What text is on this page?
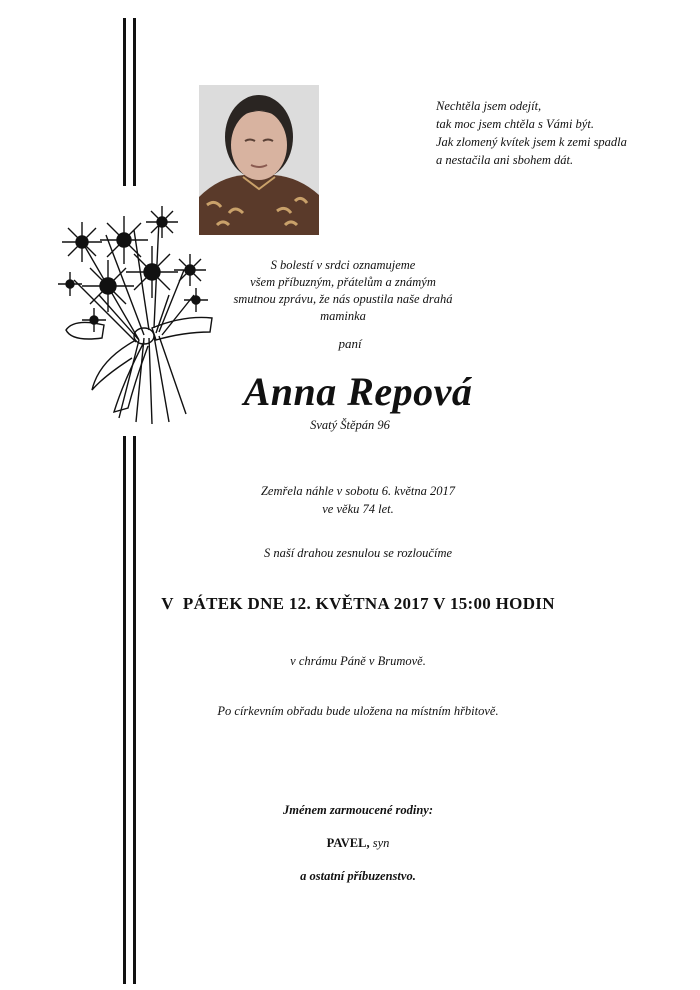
Nechtěla jsem odejít,
tak moc jsem chtěla s Vámi být.
Jak zlomený kvítek jsem k zemi spadla
a nestačila ani sbohem dát.
S bolestí v srdci oznamujeme
všem příbuzným, přátelům a známým
smutnou zprávu, že nás opustila naše drahá
maminka
paní
Anna Repová
Svatý Štěpán 96
Zemřela náhle v sobotu 6. května 2017
ve věku 74 let.
S naší drahou zesnulou se rozloučíme
V PÁTEK DNE 12. KVĚTNA 2017 V 15:00 HODIN
v chrámu Páně v Brumově.
Po církevním obřadu bude uložena na místním hřbitově.
Jménem zarmoucené rodiny:
PAVEL, syn
a ostatní příbuzenstvo.
